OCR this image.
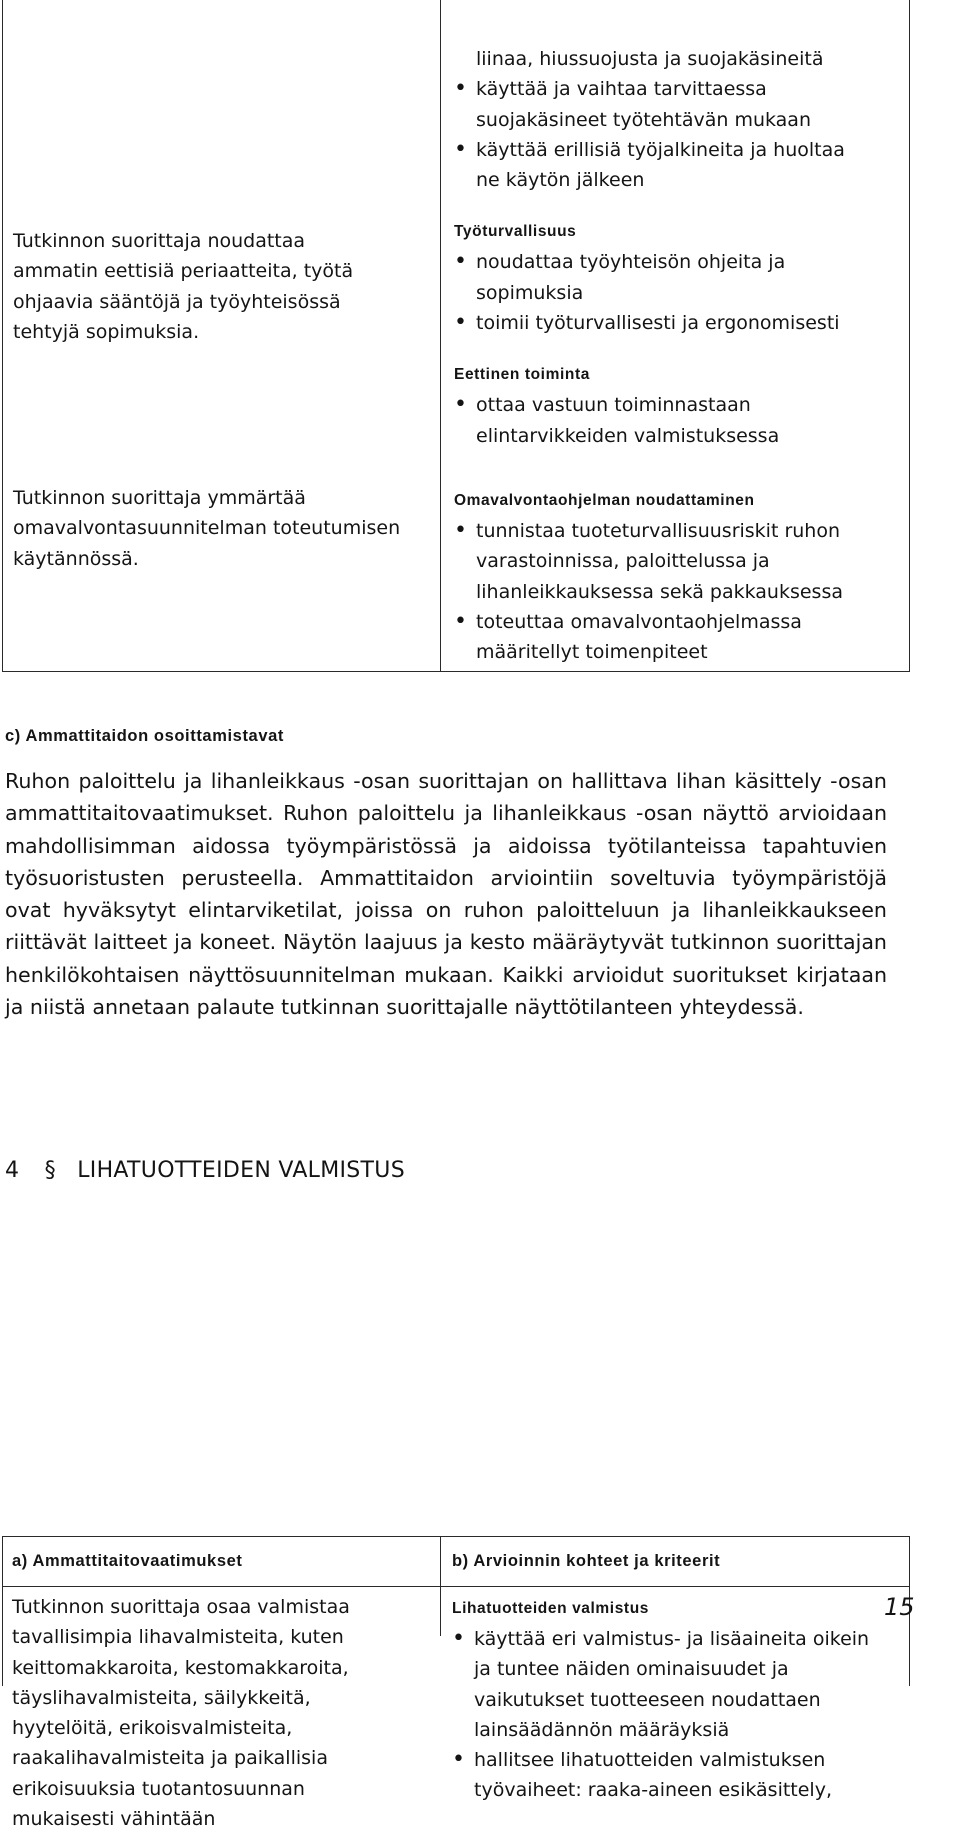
Tutkinnon suorittaja noudattaa ammatin eettisiä periaatteita, työtä ohjaavia sääntöjä ja työyhteisössä tehtyjä sopimuksia.
liinaa, hiussuojusta ja suojakäsineitä
• käyttää ja vaihtaa tarvittaessa suojakäsineet työtehtävän mukaan
• käyttää erillisiä työjalkineita ja huoltaa ne käytön jälkeen
Työturvallisuus
• noudattaa työyhteisön ohjeita ja sopimuksia
• toimii työturvallisesti ja ergonomisesti
Eettinen toiminta
• ottaa vastuun toiminnastaan elintarvikkeiden valmistuksessa
Tutkinnon suorittaja ymmärtää omavalvontasuunnitelman toteutumisen käytännössä.
Omavalvontaohjelman noudattaminen
• tunnistaa tuoteturvallisuusriskit ruhon varastoinnissa, paloittelussa ja lihanleikkauksessa sekä pakkauksessa
• toteuttaa omavalvontaohjelmassa määritellyt toimenpiteet
c) Ammattitaidon osoittamistavat
Ruhon paloittelu ja lihanleikkaus -osan suorittajan on hallittava lihan käsittely -osan ammattitaitovaatimukset. Ruhon paloittelu ja lihanleikkaus -osan näyttö arvioidaan mahdollisimman aidossa työympäristössä ja aidoissa työtilanteissa tapahtuvien työsuoristusten perusteella. Ammattitaidon arviointiin soveltuvia työympäristöjä ovat hyväksytyt elintarviketilat, joissa on ruhon paloitteluun ja lihanleikkaukseen riittävät laitteet ja koneet. Näytön laajuus ja kesto määräytyvät tutkinnon suorittajan henkilökohtaisen näyttösuunnitelman mukaan. Kaikki arvioidut suoritukset kirjataan ja niistä annetaan palaute tutkinnan suorittajalle näyttötilanteen yhteydessä.
4 § LIHATUOTTEIDEN VALMISTUS
a) Ammattitaitovaatimukset	b) Arvioinnin kohteet ja kriteerit
Tutkinnon suorittaja osaa valmistaa tavallisimpia lihavalmisteita, kuten keittomakkaroita, kestomakkaroita, täyslihavalmisteita, säilykkeitä, hyytelöitä, erikoisvalmisteita, raakalihavalmisteita ja paikallisia erikoisuuksia tuotantosuunnan mukaisesti vähintään
Lihatuotteiden valmistus
• käyttää eri valmistus- ja lisäaineita oikein ja tuntee näiden ominaisuudet ja vaikutukset tuotteeseen noudattaen lainsäädännön määräyksiä
• hallitsee lihatuotteiden valmistuksen työvaiheet: raaka-aineen esikäsittely,
15
